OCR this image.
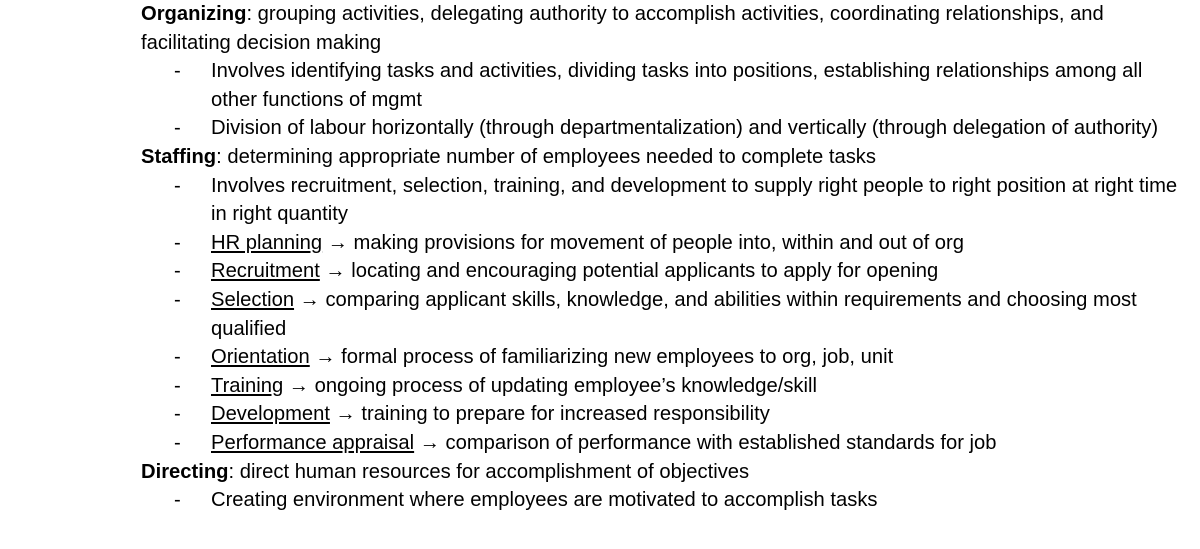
Organizing: grouping activities, delegating authority to accomplish activities, coordinating relationships, and facilitating decision making

- Involves identifying tasks and activities, dividing tasks into positions, establishing relationships among all other functions of mgmt
- Division of labour horizontally (through departmentalization) and vertically (through delegation of authority)

Staffing: determining appropriate number of employees needed to complete tasks

- Involves recruitment, selection, training, and development to supply right people to right position at right time in right quantity
- HR planning → making provisions for movement of people into, within and out of org
- Recruitment → locating and encouraging potential applicants to apply for opening
- Selection → comparing applicant skills, knowledge, and abilities within requirements and choosing most qualified
- Orientation → formal process of familiarizing new employees to org, job, unit
- Training → ongoing process of updating employee’s knowledge/skill
- Development → training to prepare for increased responsibility
- Performance appraisal → comparison of performance with established standards for job

Directing: direct human resources for accomplishment of objectives

- Creating environment where employees are motivated to accomplish tasks
